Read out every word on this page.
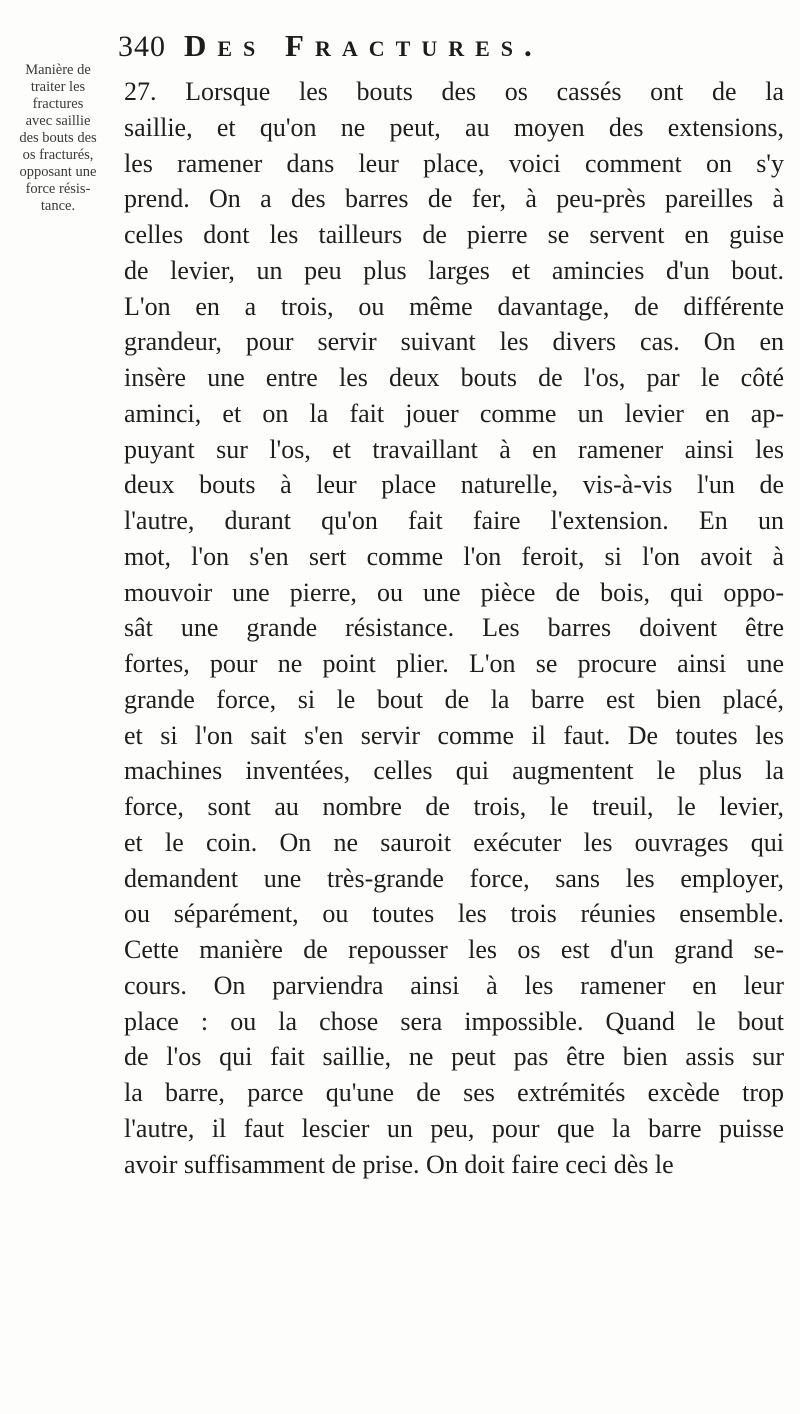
340 Des Fractures.
Manière de
traiter les
fractures
avec saillie
des bouts des
os fracturés,
opposant une
force résis-
tance.
27. Lorsque les bouts des os cassés ont de la
saillie, et qu'on ne peut, au moyen des extensions,
les ramener dans leur place, voici comment on s'y
prend. On a des barres de fer, à peu-près pareilles à
celles dont les tailleurs de pierre se servent en guise
de levier, un peu plus larges et amincies d'un bout.
L'on en a trois, ou même davantage, de différente
grandeur, pour servir suivant les divers cas. On en
insère une entre les deux bouts de l'os, par le côté
aminci, et on la fait jouer comme un levier en ap-
puyant sur l'os, et travaillant à en ramener ainsi les
deux bouts à leur place naturelle, vis-à-vis l'un de
l'autre, durant qu'on fait faire l'extension. En un
mot, l'on s'en sert comme l'on feroit, si l'on avoit à
mouvoir une pierre, ou une pièce de bois, qui oppo-
sât une grande résistance. Les barres doivent être
fortes, pour ne point plier. L'on se procure ainsi une
grande force, si le bout de la barre est bien placé,
et si l'on sait s'en servir comme il faut. De toutes les
machines inventées, celles qui augmentent le plus la
force, sont au nombre de trois, le treuil, le levier,
et le coin. On ne sauroit exécuter les ouvrages qui
demandent une très-grande force, sans les employer,
ou séparément, ou toutes les trois réunies ensemble.
Cette manière de repousser les os est d'un grand se-
cours. On parviendra ainsi à les ramener en leur
place : ou la chose sera impossible. Quand le bout
de l'os qui fait saillie, ne peut pas être bien assis sur
la barre, parce qu'une de ses extrémités excède trop
l'autre, il faut lescier un peu, pour que la barre puisse
avoir suffisamment de prise. On doit faire ceci dès le
